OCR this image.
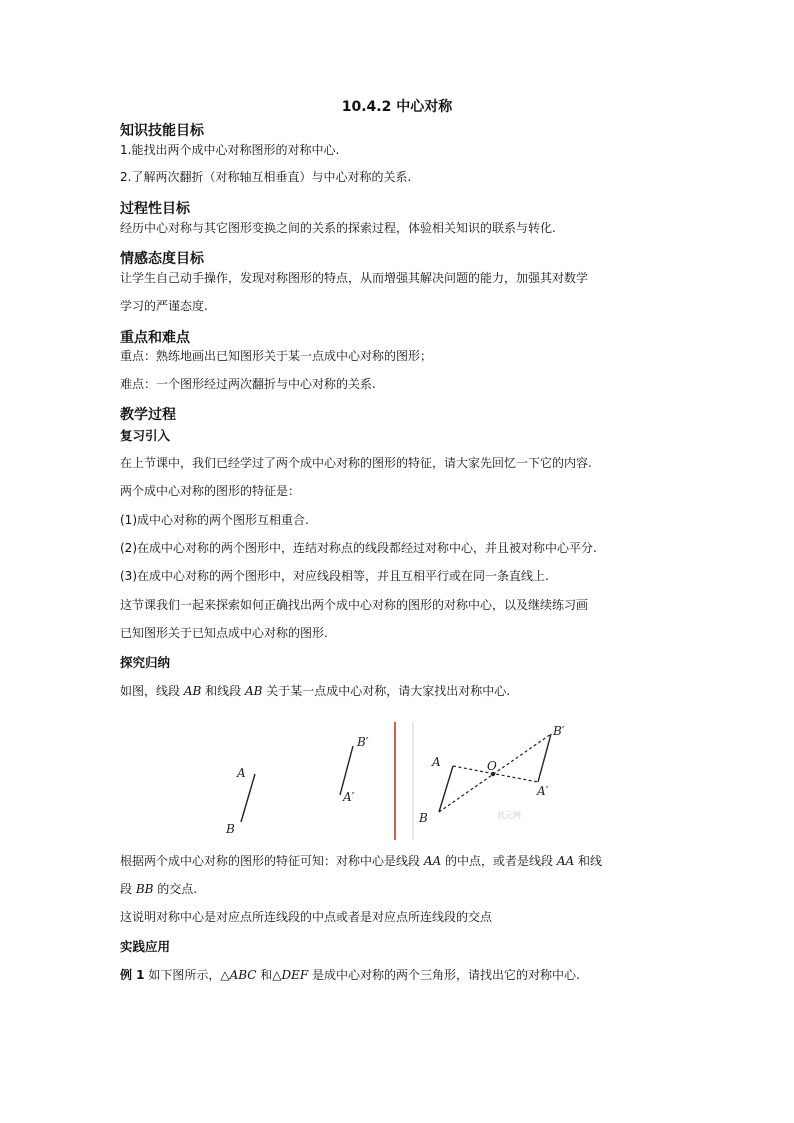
10.4.2 中心对称
知识技能目标
1.能找出两个成中心对称图形的对称中心.
2.了解两次翻折（对称轴互相垂直）与中心对称的关系.
过程性目标
经历中心对称与其它图形变换之间的关系的探索过程，体验相关知识的联系与转化.
情感态度目标
让学生自己动手操作，发现对称图形的特点，从而增强其解决问题的能力，加强其对数学
学习的严谨态度.
重点和难点
重点：熟练地画出已知图形关于某一点成中心对称的图形；
难点：一个图形经过两次翻折与中心对称的关系.
教学过程
复习引入
在上节课中，我们已经学过了两个成中心对称的图形的特征，请大家先回忆一下它的内容.
两个成中心对称的图形的特征是：
(1)成中心对称的两个图形互相重合.
(2)在成中心对称的两个图形中，连结对称点的线段都经过对称中心，并且被对称中心平分.
(3)在成中心对称的两个图形中，对应线段相等，并且互相平行或在同一条直线上.
这节课我们一起来探索如何正确找出两个成中心对称的图形的对称中心，以及继续练习画
已知图形关于已知点成中心对称的图形.
探究归纳
如图，线段 AB 和线段 AB 关于某一点成中心对称，请大家找出对称中心.
A
B
B′
A′
A
B
O
B′
A′
状元网
根据两个成中心对称的图形的特征可知：对称中心是线段 AA 的中点，或者是线段 AA 和线
段 BB 的交点.
这说明对称中心是对应点所连线段的中点或者是对应点所连线段的交点
实践应用
例 1 如下图所示，△ABC 和△DEF 是成中心对称的两个三角形，请找出它的对称中心.
